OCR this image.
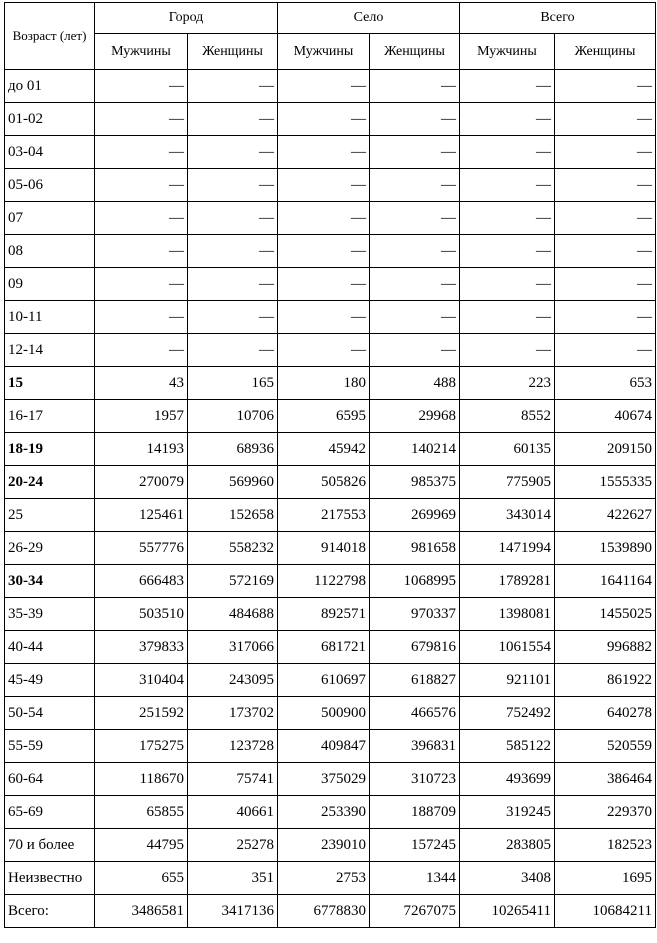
Возраст (лет)	Город		Село		Всего	
	Мужчины	Женщины	Мужчины	Женщины	Мужчины	Женщины
до 01	—	—	—	—	—	—
01-02	—	—	—	—	—	—
03-04	—	—	—	—	—	—
05-06	—	—	—	—	—	—
07	—	—	—	—	—	—
08	—	—	—	—	—	—
09	—	—	—	—	—	—
10-11	—	—	—	—	—	—
12-14	—	—	—	—	—	—
15	43	165	180	488	223	653
16-17	1957	10706	6595	29968	8552	40674
18-19	14193	68936	45942	140214	60135	209150
20-24	270079	569960	505826	985375	775905	1555335
25	125461	152658	217553	269969	343014	422627
26-29	557776	558232	914018	981658	1471994	1539890
30-34	666483	572169	1122798	1068995	1789281	1641164
35-39	503510	484688	892571	970337	1398081	1455025
40-44	379833	317066	681721	679816	1061554	996882
45-49	310404	243095	610697	618827	921101	861922
50-54	251592	173702	500900	466576	752492	640278
55-59	175275	123728	409847	396831	585122	520559
60-64	118670	75741	375029	310723	493699	386464
65-69	65855	40661	253390	188709	319245	229370
70 и более	44795	25278	239010	157245	283805	182523
Неизвестно	655	351	2753	1344	3408	1695
Всего:	3486581	3417136	6778830	7267075	10265411	10684211
